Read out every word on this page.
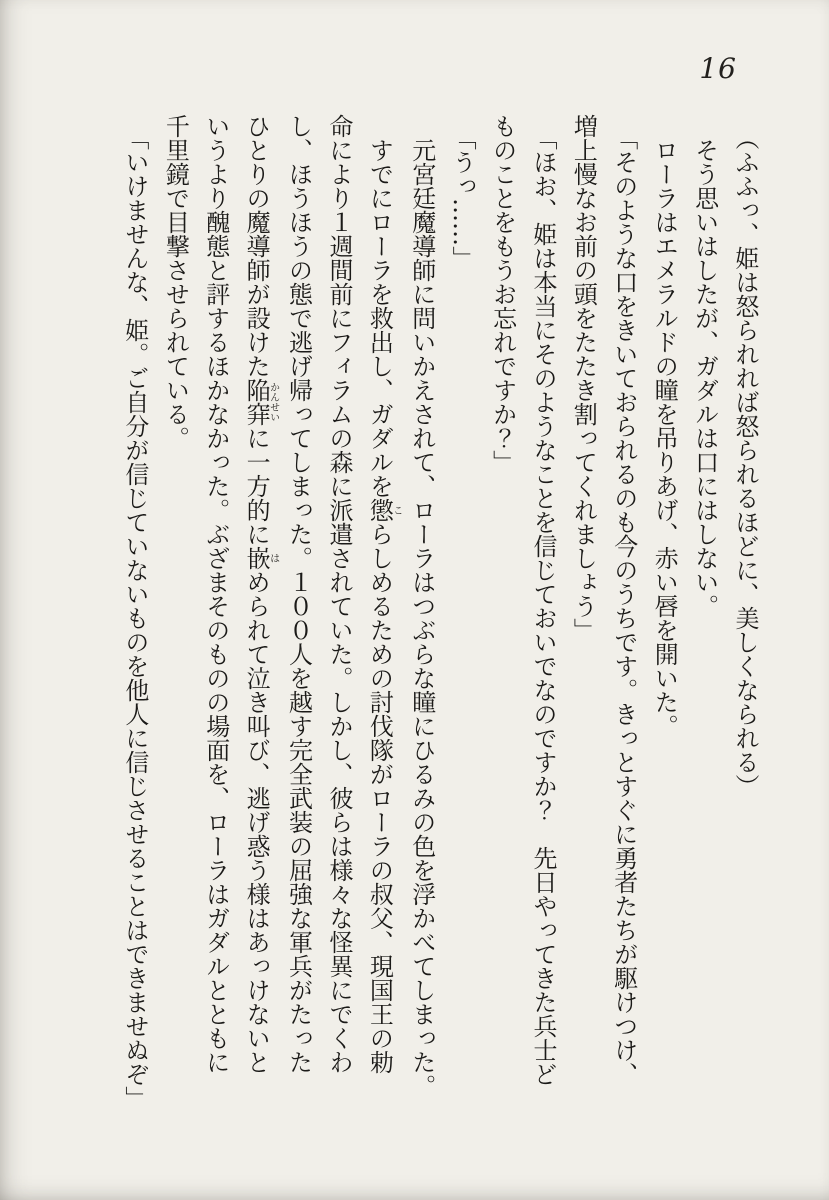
16
（ふふっ、姫は怒られれば怒られるほどに、美しくなられる）
そう思いはしたが、ガダルは口にはしない。
ローラはエメラルドの瞳を吊りあげ、赤い唇を開いた。
「そのような口をきいておられるのも今のうちです。きっとすぐに勇者たちが駆けつけ、
増上慢なお前の頭をたたき割ってくれましょう」
「ほお、姫は本当にそのようなことを信じておいでなのですか？　先日やってきた兵士ど
ものことをもうお忘れですか？」
「うっ……」
元宮廷魔導師に問いかえされて、ローラはつぶらな瞳にひるみの色を浮かべてしまった。
すでにローラを救出し、ガダルを懲こらしめるための討伐隊がローラの叔父、現国王の勅
命により１週間前にフィラムの森に派遣されていた。しかし、彼らは様々な怪異にでくわ
し、ほうほうの態で逃げ帰ってしまった。１００人を越す完全武装の屈強な軍兵がたった
ひとりの魔導師が設けた陥穽かんせいに一方的に嵌はめられて泣き叫び、逃げ惑う様はあっけないと
いうより醜態と評するほかなかった。ぶざまそのものの場面を、ローラはガダルとともに
千里鏡で目撃させられている。
「いけませんな、姫。ご自分が信じていないものを他人に信じさせることはできませぬぞ」
